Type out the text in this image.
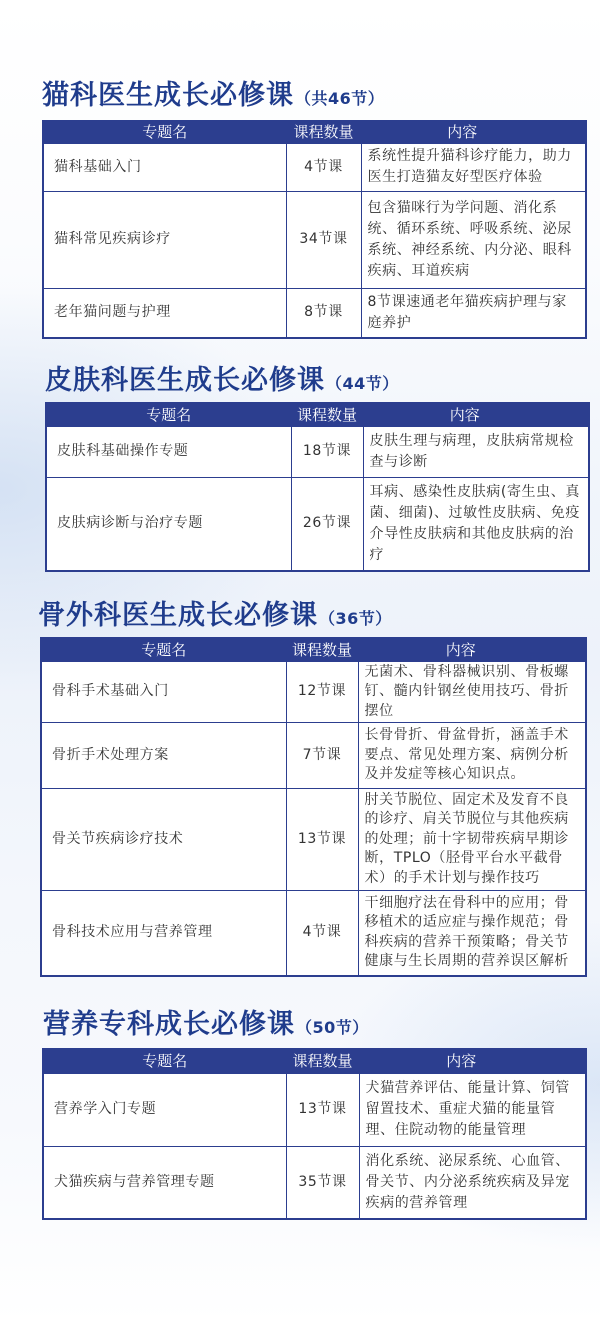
猫科医生成长必修课（共46节）
专题名	课程数量	内容
猫科基础入门	4节课	系统性提升猫科诊疗能力，助力医生打造猫友好型医疗体验
猫科常见疾病诊疗	34节课	包含猫咪行为学问题、消化系统、循环系统、呼吸系统、泌尿系统、神经系统、内分泌、眼科疾病、耳道疾病
老年猫问题与护理	8节课	8节课速通老年猫疾病护理与家庭养护
皮肤科医生成长必修课（44节）
专题名	课程数量	内容
皮肤科基础操作专题	18节课	皮肤生理与病理，皮肤病常规检查与诊断
皮肤病诊断与治疗专题	26节课	耳病、感染性皮肤病(寄生虫、真菌、细菌)、过敏性皮肤病、免疫介导性皮肤病和其他皮肤病的治疗
骨外科医生成长必修课（36节）
专题名	课程数量	内容
骨科手术基础入门	12节课	无菌术、骨科器械识别、骨板螺钉、髓内针钢丝使用技巧、骨折摆位
骨折手术处理方案	7节课	长骨骨折、骨盆骨折，涵盖手术要点、常见处理方案、病例分析及并发症等核心知识点。
骨关节疾病诊疗技术	13节课	肘关节脱位、固定术及发育不良的诊疗、肩关节脱位与其他疾病的处理；前十字韧带疾病早期诊断，TPLO（胫骨平台水平截骨术）的手术计划与操作技巧
骨科技术应用与营养管理	4节课	干细胞疗法在骨科中的应用；骨移植术的适应症与操作规范；骨科疾病的营养干预策略；骨关节健康与生长周期的营养误区解析
营养专科成长必修课（50节）
专题名	课程数量	内容
营养学入门专题	13节课	犬猫营养评估、能量计算、饲管留置技术、重症犬猫的能量管理、住院动物的能量管理
犬猫疾病与营养管理专题	35节课	消化系统、泌尿系统、心血管、骨关节、内分泌系统疾病及异宠疾病的营养管理
